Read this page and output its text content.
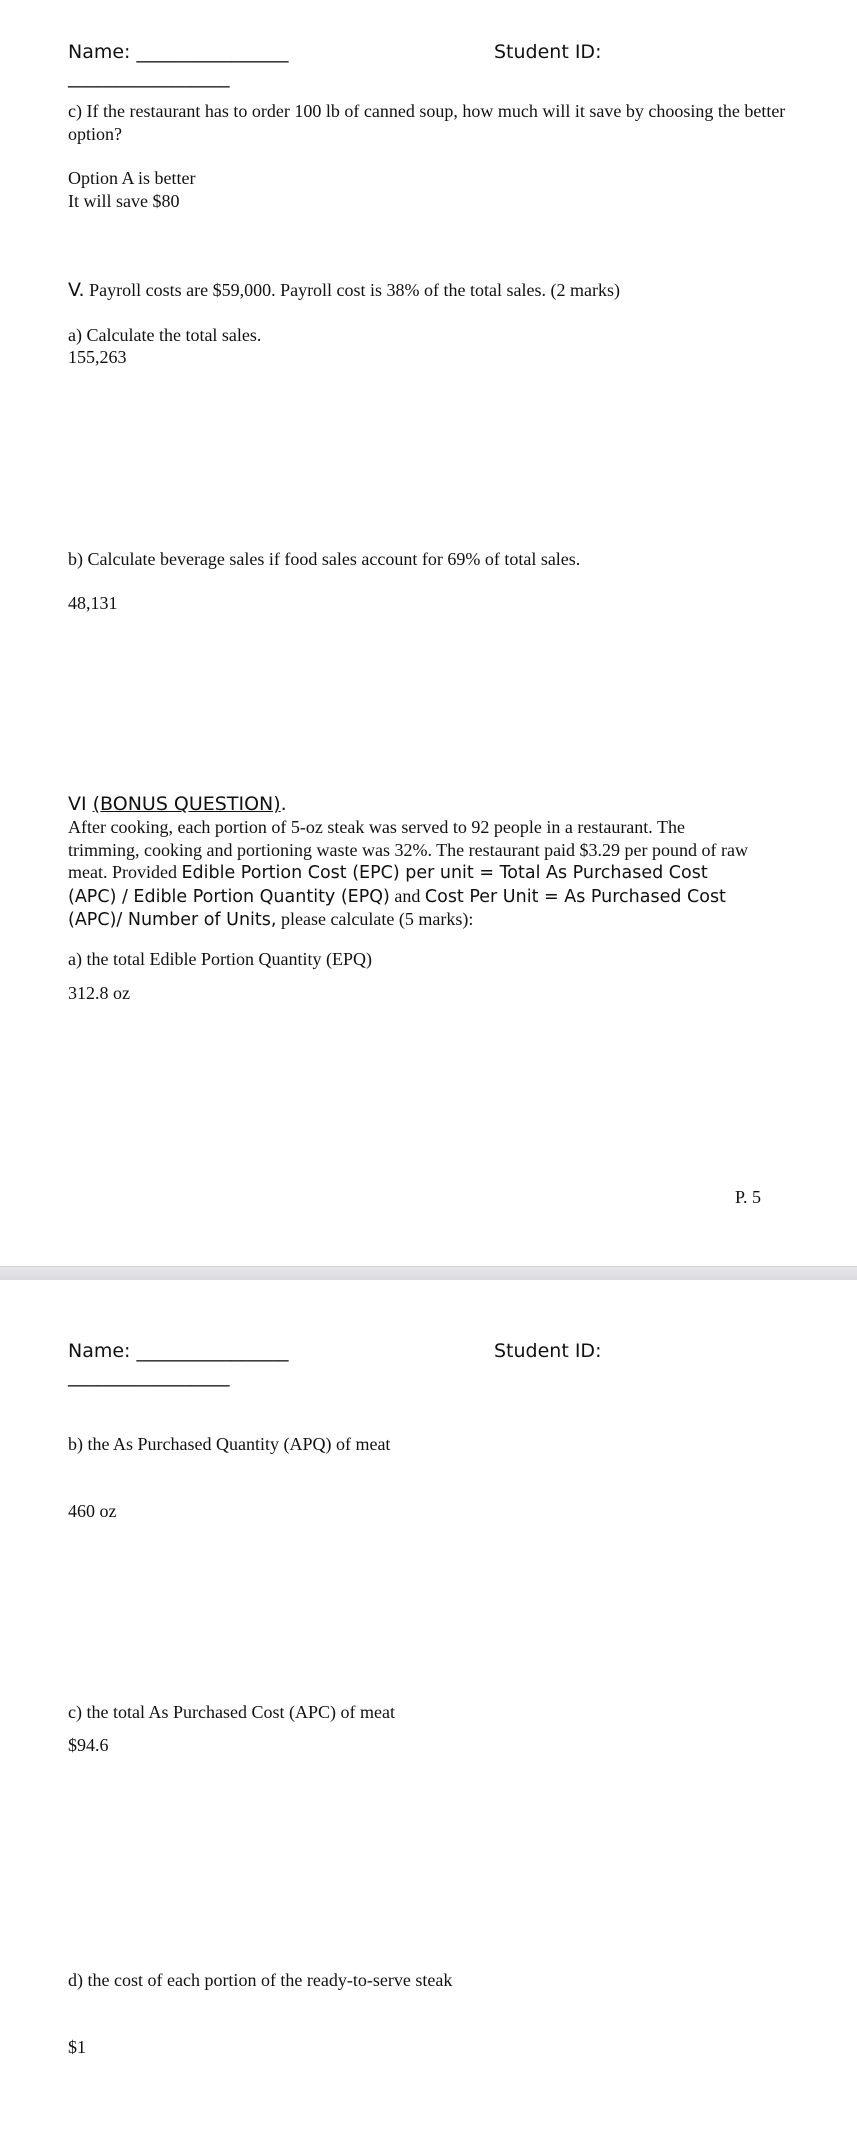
Name: ________________	Student ID:
_________________
c) If the restaurant has to order 100 lb of canned soup, how much will it save by choosing the better option?
Option A is better
It will save $80
V. Payroll costs are $59,000. Payroll cost is 38% of the total sales. (2 marks)
a) Calculate the total sales.
155,263
b) Calculate beverage sales if food sales account for 69% of total sales.
48,131
VI (BONUS QUESTION).
After cooking, each portion of 5-oz steak was served to 92 people in a restaurant. The trimming, cooking and portioning waste was 32%. The restaurant paid $3.29 per pound of raw meat. Provided Edible Portion Cost (EPC) per unit = Total As Purchased Cost (APC) / Edible Portion Quantity (EPQ) and Cost Per Unit = As Purchased Cost (APC)/ Number of Units, please calculate (5 marks):
a) the total Edible Portion Quantity (EPQ)
312.8 oz
P. 5
Name: ________________	Student ID:
_________________
b) the As Purchased Quantity (APQ) of meat
460 oz
c) the total As Purchased Cost (APC) of meat
$94.6
d) the cost of each portion of the ready-to-serve steak
$1
